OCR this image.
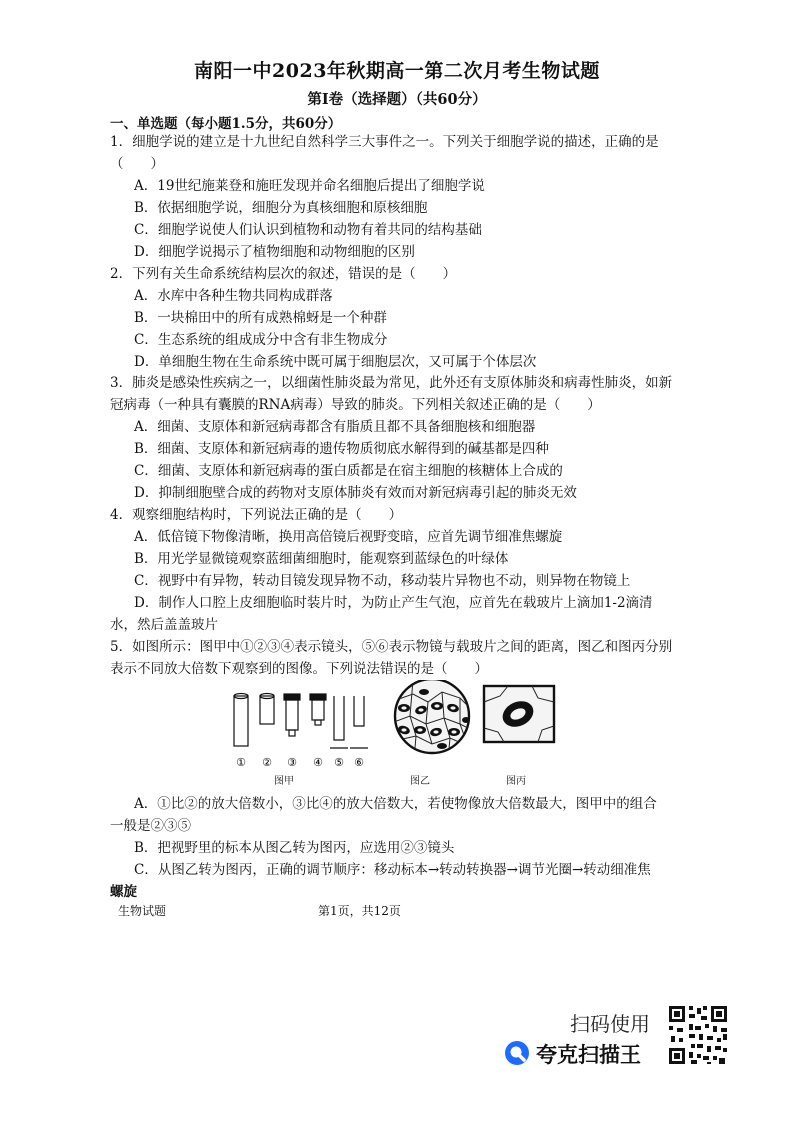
南阳一中2023年秋期高一第二次月考生物试题
第Ⅰ卷（选择题）（共60分）
一、单选题（每小题1.5分，共60分）
1．细胞学说的建立是十九世纪自然科学三大事件之一。下列关于细胞学说的描述，正确的是
（　　）
A．19世纪施莱登和施旺发现并命名细胞后提出了细胞学说
B．依据细胞学说，细胞分为真核细胞和原核细胞
C．细胞学说使人们认识到植物和动物有着共同的结构基础
D．细胞学说揭示了植物细胞和动物细胞的区别
2．下列有关生命系统结构层次的叙述，错误的是（　　）
A．水库中各种生物共同构成群落
B．一块棉田中的所有成熟棉蚜是一个种群
C．生态系统的组成成分中含有非生物成分
D．单细胞生物在生命系统中既可属于细胞层次，又可属于个体层次
3．肺炎是感染性疾病之一，以细菌性肺炎最为常见，此外还有支原体肺炎和病毒性肺炎，如新
冠病毒（一种具有囊膜的RNA病毒）导致的肺炎。下列相关叙述正确的是（　　）
A．细菌、支原体和新冠病毒都含有脂质且都不具备细胞核和细胞器
B．细菌、支原体和新冠病毒的遗传物质彻底水解得到的碱基都是四种
C．细菌、支原体和新冠病毒的蛋白质都是在宿主细胞的核糖体上合成的
D．抑制细胞壁合成的药物对支原体肺炎有效而对新冠病毒引起的肺炎无效
4．观察细胞结构时，下列说法正确的是（　　）
A．低倍镜下物像清晰，换用高倍镜后视野变暗，应首先调节细准焦螺旋
B．用光学显微镜观察蓝细菌细胞时，能观察到蓝绿色的叶绿体
C．视野中有异物，转动目镜发现异物不动，移动装片异物也不动，则异物在物镜上
D．制作人口腔上皮细胞临时装片时，为防止产生气泡，应首先在载玻片上滴加1-2滴清
水，然后盖盖玻片
5．如图所示：图甲中①②③④表示镜头，⑤⑥表示物镜与载玻片之间的距离，图乙和图丙分别
表示不同放大倍数下观察到的图像。下列说法错误的是（　　）
① ② ③ ④ ⑤ ⑥
图甲	图乙	图丙
A．①比②的放大倍数小，③比④的放大倍数大，若使物像放大倍数最大，图甲中的组合
一般是②③⑤
B．把视野里的标本从图乙转为图丙，应选用②③镜头
C．从图乙转为图丙，正确的调节顺序：移动标本→转动转换器→调节光圈→转动细准焦
螺旋
生物试题	第1页，共12页
扫码使用
夸克扫描王
